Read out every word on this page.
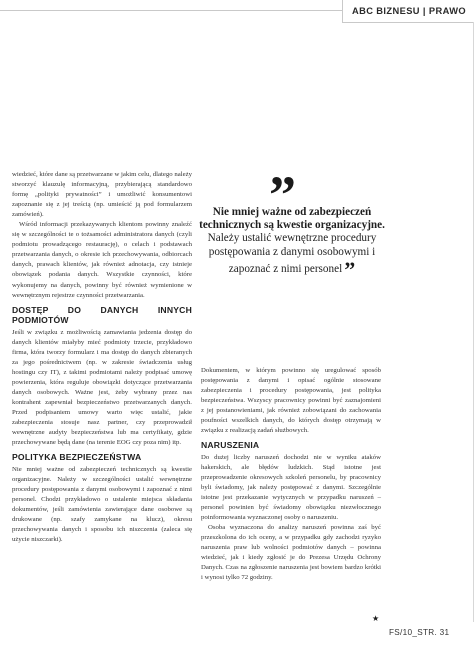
ABC BIZNESU | PRAWO

wiedzieć, które dane są przetwarzane w jakim celu, dlatego należy stworzyć klauzulę informacyjną, przybierającą standardowo formę „polityki prywatności” i umożliwić konsumentowi zapoznanie się z jej treścią (np. umieścić ją pod formularzem zamówień).

Wśród informacji przekazywanych klientom powinny znaleźć się w szczególności te o tożsamości administratora danych (czyli podmiotu prowadzącego restaurację), o celach i podstawach przetwarzania danych, o okresie ich przechowywania, odbiorcach danych, prawach klientów, jak również adnotacja, czy istnieje obowiązek podania danych. Wszystkie czynności, które wykonujemy na danych, powinny być również wymienione w wewnętrznym rejestrze czynności przetwarzania.

DOSTĘP DO DANYCH INNYCH PODMIOTÓW

Jeśli w związku z możliwością zamawiania jedzenia dostęp do danych klientów miałyby mieć podmioty trzecie, przykładowo firma, która tworzy formularz i ma dostęp do danych zbieranych za jego pośrednictwem (np. w zakresie świadczenia usług hostingu czy IT), z takimi podmiotami należy podpisać umowę powierzenia, która reguluje obowiązki dotyczące przetwarzania danych osobowych. Ważne jest, żeby wybrany przez nas kontrahent zapewniał bezpieczeństwo przetwarzanych danych. Przed podpisaniem umowy warto więc ustalić, jakie zabezpieczenia stosuje nasz partner, czy przeprowadził wewnętrzne audyty bezpieczeństwa lub ma certyfikaty, gdzie przechowywane będą dane (na terenie EOG czy poza nim) itp.

POLITYKA BEZPIECZEŃSTWA

Nie mniej ważne od zabezpieczeń technicznych są kwestie organizacyjne. Należy w szczególności ustalić wewnętrzne procedury postępowania z danymi osobowymi i zapoznać z nimi personel. Chodzi przykładowo o ustalenie miejsca składania dokumentów, jeśli zamówienia zawierające dane osobowe są drukowane (np. szafy zamykane na klucz), okresu przechowywania danych i sposobu ich niszczenia (zaleca się użycie niszczarki).

”
Nie mniej ważne od zabezpieczeń technicznych są kwestie organizacyjne.
Należy ustalić wewnętrzne procedury postępowania z danymi osobowymi i zapoznać z nimi personel”

Dokumentem, w którym powinno się uregulować sposób postępowania z danymi i opisać ogólnie stosowane zabezpieczenia i procedury postępowania, jest polityka bezpieczeństwa. Wszyscy pracownicy powinni być zaznajomieni z jej postanowieniami, jak również zobowiązani do zachowania poufności wszelkich danych, do których dostęp otrzymają w związku z realizacją zadań służbowych.

NARUSZENIA

Do dużej liczby naruszeń dochodzi nie w wyniku ataków hakerskich, ale błędów ludzkich. Stąd istotne jest przeprowadzenie okresowych szkoleń personelu, by pracownicy byli świadomy, jak należy postępować z danymi. Szczególnie istotne jest przekazanie wytycznych w przypadku naruszeń – personel powinien być świadomy obowiązku niezwłocznego poinformowania wyznaczonej osoby o naruszeniu.

Osoba wyznaczona do analizy naruszeń powinna zaś być przeszkolona do ich oceny, a w przypadku gdy zachodzi ryzyko naruszenia praw lub wolności podmiotów danych – powinna wiedzieć, jak i kiedy zgłosić je do Prezesa Urzędu Ochrony Danych. Czas na zgłoszenie naruszenia jest bowiem bardzo krótki i wynosi tylko 72 godziny.

★
FS/10_STR. 31
